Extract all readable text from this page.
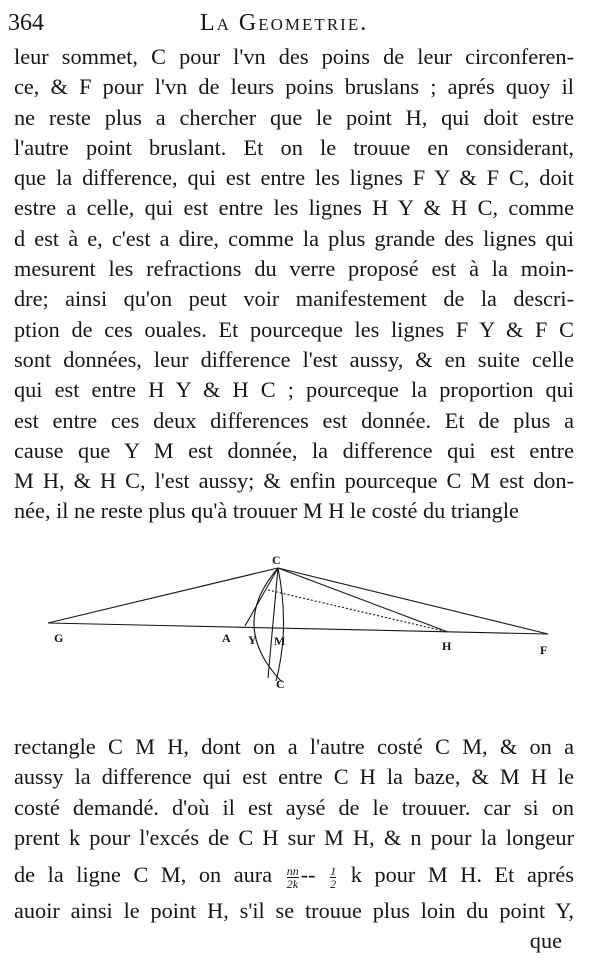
364	La Geometrie.
leur sommet, C pour l'vn des poins de leur circonferen-
ce, & F pour l'vn de leurs poins bruslans ; aprés quoy il
ne reste plus a chercher que le point H, qui doit estre
l'autre point bruslant. Et on le trouue en considerant,
que la difference, qui est entre les lignes F Y & F C, doit
estre a celle, qui est entre les lignes H Y & H C, comme
d est à e, c'est a dire, comme la plus grande des lignes qui
mesurent les refractions du verre proposé est à la moin-
dre; ainsi qu'on peut voir manifestement de la descri-
ption de ces ouales. Et pourceque les lignes F Y & F C
sont données, leur difference l'est aussy, & en suite celle
qui est entre H Y & H C ; pourceque la proportion qui
est entre ces deux differences est donnée. Et de plus a
cause que Y M est donnée, la difference qui est entre
M H, & H C, l'est aussy; & enfin pourceque C M est don-
née, il ne reste plus qu'à trouuer M H le costé du triangle
C
G	A Y M	H	F
C
rectangle C M H, dont on a l'autre costé C M, & on a
aussy la difference qui est entre C H la baze, & M H le
costé demandé. d'où il est aysé de le trouuer. car si on
prent k pour l'excés de C H sur M H, & n pour la longeur
de la ligne C M, on aura $\frac{nn}{2k} -- \frac{1}{2}$ k pour M H. Et aprés
auoir ainsi le point H, s'il se trouue plus loin du point Y,
que
